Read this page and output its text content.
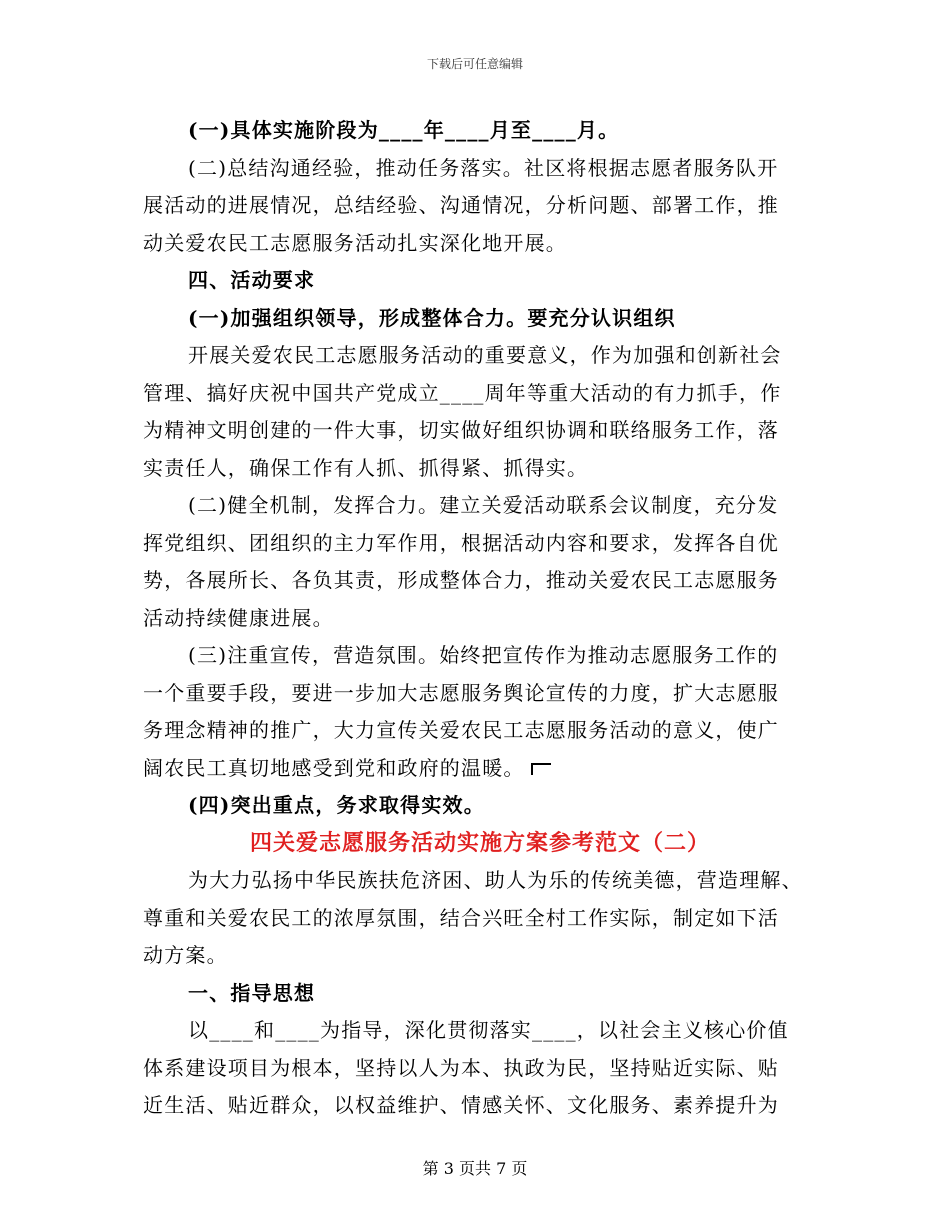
下载后可任意编辑
(一)具体实施阶段为____年____月至____月。
(二)总结沟通经验，推动任务落实。社区将根据志愿者服务队开
展活动的进展情况，总结经验、沟通情况，分析问题、部署工作，推
动关爱农民工志愿服务活动扎实深化地开展。
四、活动要求
(一)加强组织领导，形成整体合力。要充分认识组织
开展关爱农民工志愿服务活动的重要意义，作为加强和创新社会
管理、搞好庆祝中国共产党成立____周年等重大活动的有力抓手，作
为精神文明创建的一件大事，切实做好组织协调和联络服务工作，落
实责任人，确保工作有人抓、抓得紧、抓得实。
(二)健全机制，发挥合力。建立关爱活动联系会议制度，充分发
挥党组织、团组织的主力军作用，根据活动内容和要求，发挥各自优
势，各展所长、各负其责，形成整体合力，推动关爱农民工志愿服务
活动持续健康进展。
(三)注重宣传，营造氛围。始终把宣传作为推动志愿服务工作的
一个重要手段，要进一步加大志愿服务舆论宣传的力度，扩大志愿服
务理念精神的推广，大力宣传关爱农民工志愿服务活动的意义，使广
阔农民工真切地感受到党和政府的温暖。
(四)突出重点，务求取得实效。
四关爱志愿服务活动实施方案参考范文（二）
为大力弘扬中华民族扶危济困、助人为乐的传统美德，营造理解、
尊重和关爱农民工的浓厚氛围，结合兴旺全村工作实际，制定如下活
动方案。
一、指导思想
以____和____为指导，深化贯彻落实____，以社会主义核心价值
体系建设项目为根本，坚持以人为本、执政为民，坚持贴近实际、贴
近生活、贴近群众，以权益维护、情感关怀、文化服务、素养提升为
第 3 页共 7 页
